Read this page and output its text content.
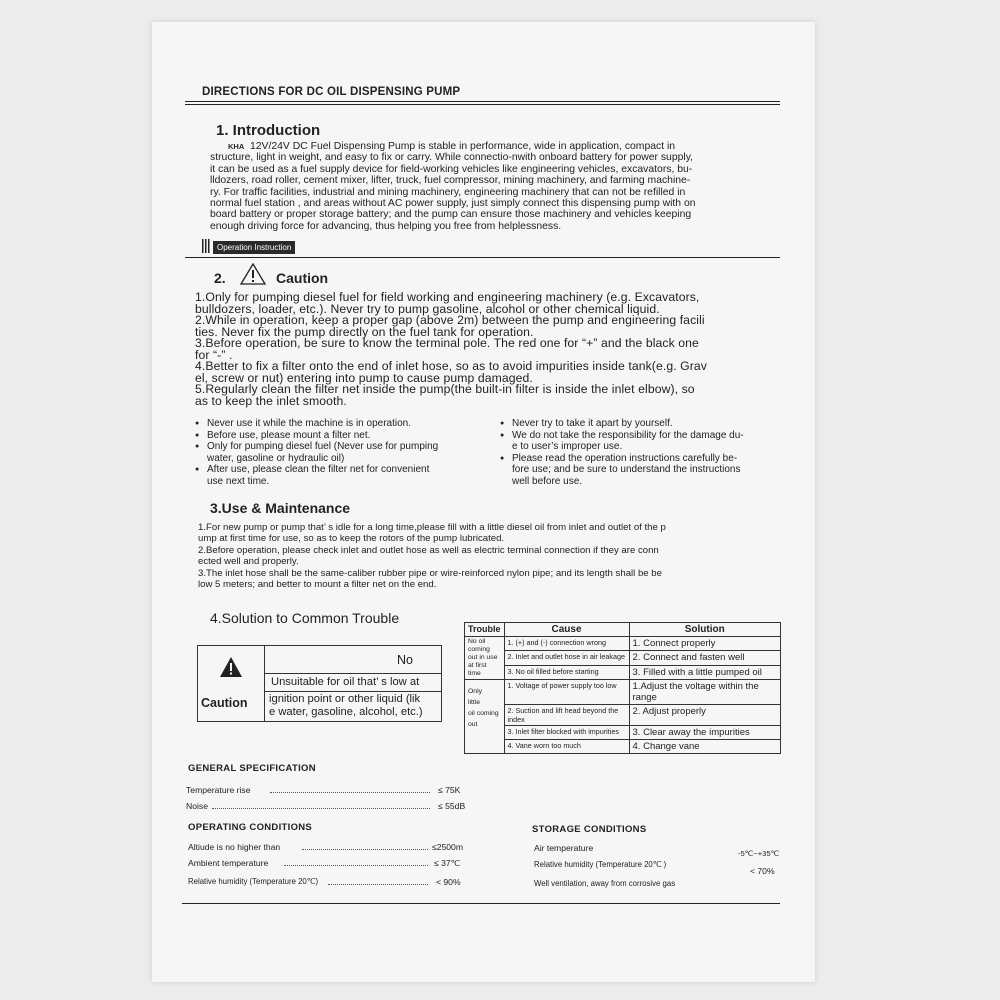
DIRECTIONS FOR DC OIL DISPENSING PUMP
1. Introduction
KHA 12V/24V DC Fuel Dispensing Pump is stable in performance, wide in application, compact in
structure, light in weight, and easy to fix or carry. While connectio-nwith onboard battery for power supply,
it can be used as a fuel supply device for field-working vehicles like engineering vehicles, excavators, bu-
lldozers, road roller, cement mixer, lifter, truck, fuel compressor, mining machinery, and farming machine-
ry. For traffic facilities, industrial and mining machinery, engineering machinery that can not be refilled in
normal fuel station , and areas without AC power supply, just simply connect this dispensing pump with on
board battery or proper storage battery; and the pump can ensure those machinery and vehicles keeping
enough driving force for advancing, thus helping you free from helplessness.
Operation Instruction
2.	Caution
1.Only for pumping diesel fuel for field working and engineering machinery (e.g. Excavators,
bulldozers, loader, etc.). Never try to pump gasoline, alcohol or other chemical liquid.
2.While in operation, keep a proper gap (above 2m) between the pump and engineering facili
ties. Never fix the pump directly on the fuel tank for operation.
3.Before operation, be sure to know the terminal pole. The red one for “+” and the black one
for “-” .
4.Better to fix a filter onto the end of inlet hose, so as to avoid impurities inside tank(e.g. Grav
el, screw or nut) entering into pump to cause pump damaged.
5.Regularly clean the filter net inside the pump(the built-in filter is inside the inlet elbow), so
as to keep the inlet smooth.
● Never use it while the machine is in operation.
● Before use, please mount a filter net.
● Only for pumping diesel fuel (Never use for pumping
water, gasoline or hydraulic oil)
● After use, please clean the filter net for convenient
use next time.
● Never try to take it apart by yourself.
● We do not take the responsibility for the damage du-
e to user’s improper use.
● Please read the operation instructions carefully be-
fore use; and be sure to understand the instructions
well before use.
3.Use & Maintenance
1.For new pump or pump that’ s idle for a long time,please fill with a little diesel oil from inlet and outlet of the p
ump at first time for use, so as to keep the rotors of the pump lubricated.
2.Before operation, please check inlet and outlet hose as well as electric terminal connection if they are conn
ected well and properly.
3.The inlet hose shall be the same-caliber rubber pipe or wire-reinforced nylon pipe; and its length shall be be
low 5 meters; and better to mount a filter net on the end.
4.Solution to Common Trouble
Caution
No
Unsuitable for oil that’ s low at
ignition point or other liquid (lik
e water, gasoline, alcohol, etc.)
Trouble	Cause	Solution
No oil
coming
out in use
at first time	1. (+) and (-) connection wrong	1. Connect properly
	2. Inlet and outlet hose in air leakage	2. Connect and fasten well
	3. No oil filled before starting	3. Filled with a little pumped oil
Only
little
oil coming
out	1. Voltage of power supply too low	1.Adjust the voltage within the range
	2. Suction and lift head beyond the index	2. Adjust properly
	3. Inlet filter blocked with impurities	3. Clear away the impurities
	4. Vane worn too much	4. Change vane
GENERAL SPECIFICATION
Temperature rise	≤ 75K
Noise	≤ 55dB
OPERATING CONDITIONS
Altiude is no higher than	≤2500m
Ambient temperature	≤ 37℃
Relative humidity (Temperature 20℃)	< 90%
STORAGE CONDITIONS
Air temperature
-5℃~+35℃
Relative humidity (Temperature 20℃ )
< 70%
Well ventilation, away from corrosive gas
